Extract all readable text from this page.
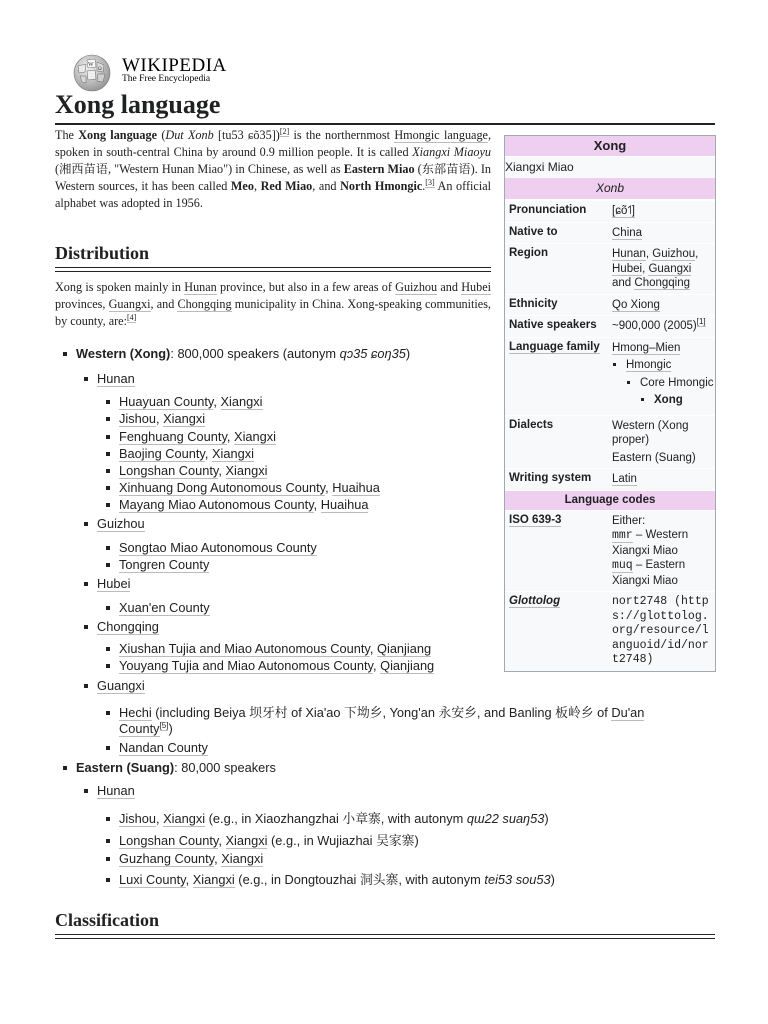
W
Ω WIKIPEDIA
The Free Encyclopedia
Xong language

The Xong language (Dut Xonb [tu53 ɕõ35])[2] is the northernmost Hmongic language, spoken in south-central China by around 0.9 million people. It is called Xiangxi Miaoyu (湘西苗语, "Western Hunan Miao") in Chinese, as well as Eastern Miao (东部苗语). In Western sources, it has been called Meo, Red Miao, and North Hmongic.[3] An official alphabet was adopted in 1956.

Distribution

Xong is spoken mainly in Hunan province, but also in a few areas of Guizhou and Hubei provinces, Guangxi, and Chongqing municipality in China. Xong-speaking communities, by county, are:[4]

Western (Xong): 800,000 speakers (autonym qɔ35 ɕoŋ35)
Hunan
Huayuan County, Xiangxi
Jishou, Xiangxi
Fenghuang County, Xiangxi
Baojing County, Xiangxi
Longshan County, Xiangxi
Xinhuang Dong Autonomous County, Huaihua
Mayang Miao Autonomous County, Huaihua
Guizhou
Songtao Miao Autonomous County
Tongren County
Hubei
Xuan'en County
Chongqing
Xiushan Tujia and Miao Autonomous County, Qianjiang
Youyang Tujia and Miao Autonomous County, Qianjiang
Guangxi
Hechi (including Beiya 坝牙村 of Xia'ao 下坳乡, Yong'an 永安乡, and Banling 板岭乡 of Du'an County[5])
Nandan County
Eastern (Suang): 80,000 speakers
Hunan
Jishou, Xiangxi (e.g., in Xiaozhangzhai 小章寨, with autonym qɯ22 suaŋ53)
Longshan County, Xiangxi (e.g., in Wujiazhai 吴家寨)
Guzhang County, Xiangxi
Luxi County, Xiangxi (e.g., in Dongtouzhai 洞头寨, with autonym tei53 sou53)
Classification
Xong
Xiangxi Miao
Xonb
Pronunciation	[ɕõ˦˥]
Native to	China
Region	Hunan, Guizhou, Hubei, Guangxi
and Chongqing
Ethnicity	Qo Xiong
Native speakers	~900,000 (2005)[1]
Language family	Hmong–Mien
▪ Hmongic
▪ Core Hmongic
▪ Xong
Dialects	Western (Xong proper)
Eastern (Suang)
Writing system	Latin
Language codes
ISO 639-3	Either:
mmr – Western Xiangxi Miao
muq – Eastern Xiangxi Miao
Glottolog	nort2748 (https://glottolog.org/resource/languoid/id/nort2748)
